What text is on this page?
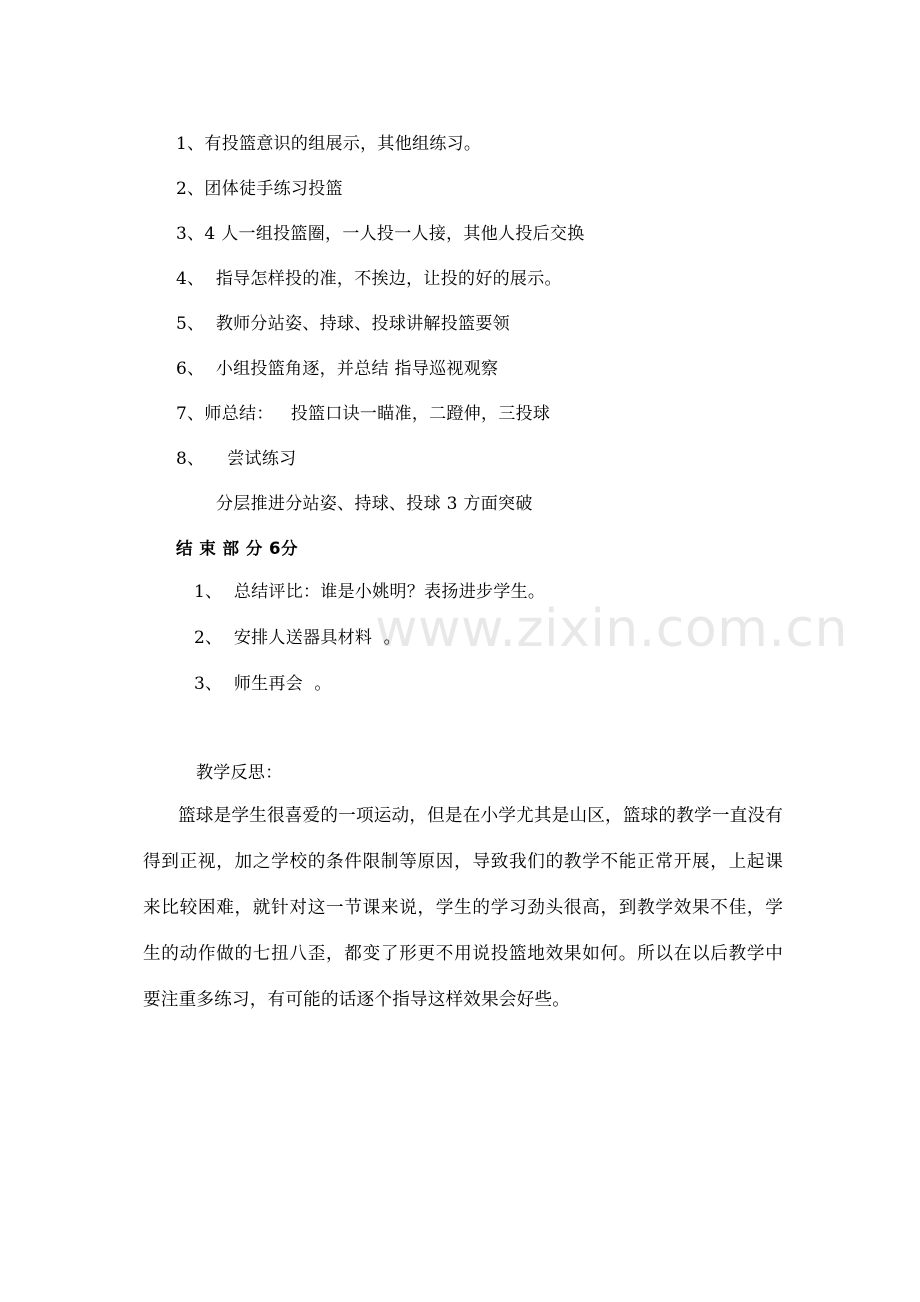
www.zixin.com.cn
1、有投篮意识的组展示，其他组练习。
2、团体徒手练习投篮
3、4 人一组投篮圈，一人投一人接，其他人投后交换
4、  指导怎样投的准，不挨边，让投的好的展示。
5、  教师分站姿、持球、投球讲解投篮要领
6、  小组投篮角逐，并总结 指导巡视观察
7、师总结：   投篮口诀一瞄准，二蹬伸，三投球
8、    尝试练习
分层推进分站姿、持球、投球 3 方面突破
结 束 部 分 6分
1、  总结评比：谁是小姚明？表扬进步学生。
2、  安排人送器具材料  。
3、  师生再会  。
教学反思：
篮球是学生很喜爱的一项运动，但是在小学尤其是山区，篮球的教学一直没有得到正视，加之学校的条件限制等原因，导致我们的教学不能正常开展，上起课来比较困难，就针对这一节课来说，学生的学习劲头很高，到教学效果不佳，学生的动作做的七扭八歪，都变了形更不用说投篮地效果如何。所以在以后教学中要注重多练习，有可能的话逐个指导这样效果会好些。
